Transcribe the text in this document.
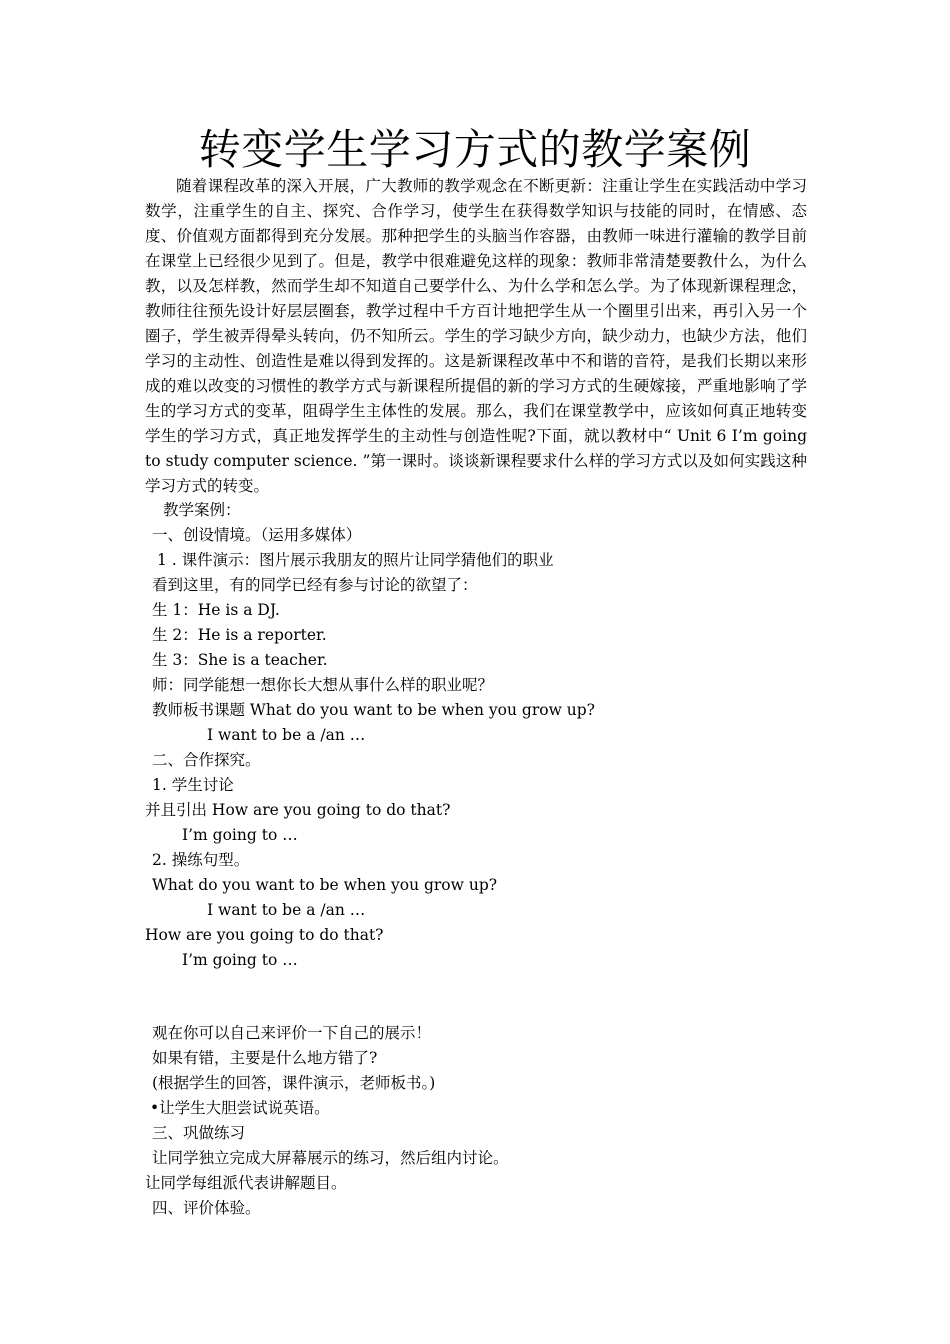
转变学生学习方式的教学案例

随着课程改革的深入开展，广大教师的教学观念在不断更新：注重让学生在实践活动中学习数学，注重学生的自主、探究、合作学习，使学生在获得数学知识与技能的同时，在情感、态度、价值观方面都得到充分发展。那种把学生的头脑当作容器，由教师一味进行灌输的教学目前在课堂上已经很少见到了。但是，教学中很难避免这样的现象：教师非常清楚要教什么，为什么教，以及怎样教，然而学生却不知道自己要学什么、为什么学和怎么学。为了体现新课程理念，教师往往预先设计好层层圈套，教学过程中千方百计地把学生从一个圈里引出来，再引入另一个圈子，学生被弄得晕头转向，仍不知所云。学生的学习缺少方向，缺少动力，也缺少方法，他们学习的主动性、创造性是难以得到发挥的。这是新课程改革中不和谐的音符，是我们长期以来形成的难以改变的习惯性的教学方式与新课程所提倡的新的学习方式的生硬嫁接，严重地影响了学生的学习方式的变革，阻碍学生主体性的发展。那么，我们在课堂教学中，应该如何真正地转变学生的学习方式，真正地发挥学生的主动性与创造性呢?下面，就以教材中“ Unit 6 I’m going to study computer science. ”第一课时。谈谈新课程要求什么样的学习方式以及如何实践这种学习方式的转变。

教学案例：

一、创设情境。（运用多媒体）

1 . 课件演示：图片展示我朋友的照片让同学猜他们的职业

看到这里，有的同学已经有参与讨论的欲望了：

生 1：He is a DJ.

生 2：He is a reporter.

生 3：She is a teacher.

师：同学能想一想你长大想从事什么样的职业呢？

教师板书课题 What do you want to be when you grow up?

I want to be a /an …

二、合作探究。

1. 学生讨论

并且引出 How are you going to do that?

I’m going to …

2. 操练句型。

What do you want to be when you grow up?

I want to be a /an …

How are you going to do that?

I’m going to …

观在你可以自己来评价一下自己的展示！

如果有错，主要是什么地方错了?

(根据学生的回答，课件演示，老师板书。)

•让学生大胆尝试说英语。

三、巩做练习

让同学独立完成大屏幕展示的练习，然后组内讨论。

让同学每组派代表讲解题目。

四、评价体验。
